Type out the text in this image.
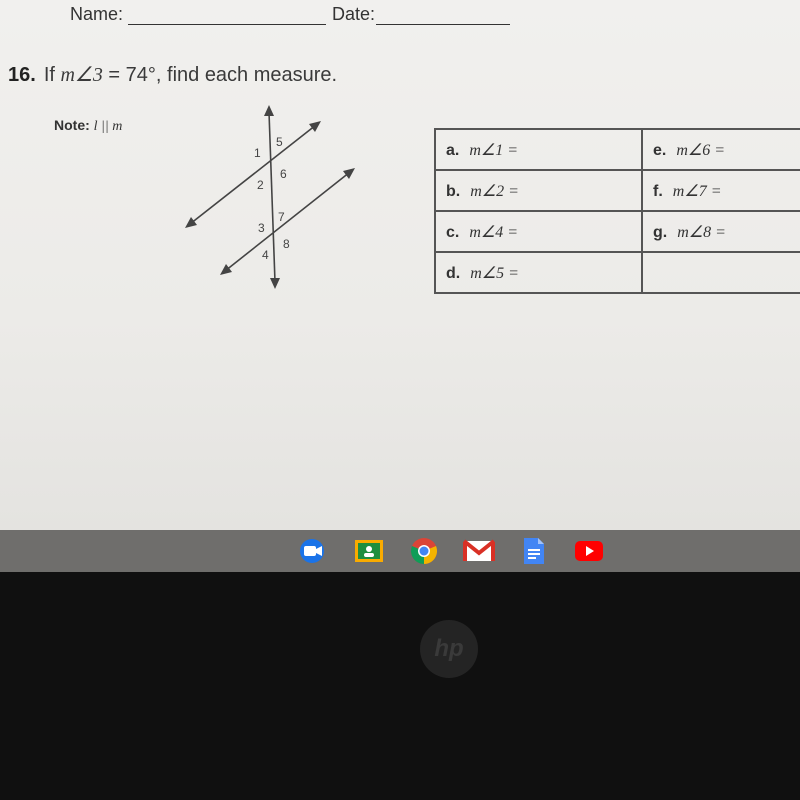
Name:	Date:
16. If m∠3 = 74°, find each measure.
Note: l || m
1
5
2
6
3
7
4
8
a. m∠1 =	e. m∠6 =
b. m∠2 =	f. m∠7 =
c. m∠4 =	g. m∠8 =
d. m∠5 =	
hp
